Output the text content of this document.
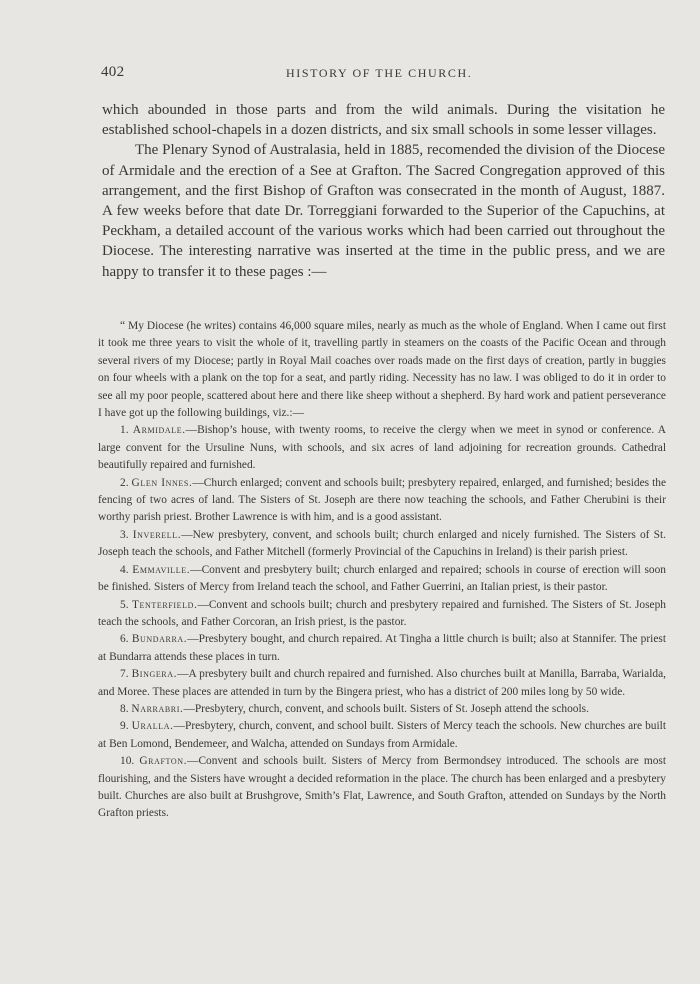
402	HISTORY OF THE CHURCH.

which abounded in those parts and from the wild animals. During the visitation he established school-chapels in a dozen districts, and six small schools in some lesser villages.

The Plenary Synod of Australasia, held in 1885, recomended the division of the Diocese of Armidale and the erection of a See at Grafton. The Sacred Congregation approved of this arrangement, and the first Bishop of Grafton was consecrated in the month of August, 1887. A few weeks before that date Dr. Torreggiani forwarded to the Superior of the Capuchins, at Peckham, a detailed account of the various works which had been carried out throughout the Diocese. The interesting narrative was inserted at the time in the public press, and we are happy to transfer it to these pages :—

“ My Diocese (he writes) contains 46,000 square miles, nearly as much as the whole of England. When I came out first it took me three years to visit the whole of it, travelling partly in steamers on the coasts of the Pacific Ocean and through several rivers of my Diocese; partly in Royal Mail coaches over roads made on the first days of creation, partly in buggies on four wheels with a plank on the top for a seat, and partly riding. Necessity has no law. I was obliged to do it in order to see all my poor people, scattered about here and there like sheep without a shepherd. By hard work and patient perseverance I have got up the following buildings, viz.:—

1. Armidale.—Bishop’s house, with twenty rooms, to receive the clergy when we meet in synod or conference. A large convent for the Ursuline Nuns, with schools, and six acres of land adjoining for recreation grounds. Cathedral beautifully repaired and furnished.

2. Glen Innes.—Church enlarged; convent and schools built; presbytery repaired, enlarged, and furnished; besides the fencing of two acres of land. The Sisters of St. Joseph are there now teaching the schools, and Father Cherubini is their worthy parish priest. Brother Lawrence is with him, and is a good assistant.

3. Inverell.—New presbytery, convent, and schools built; church enlarged and nicely furnished. The Sisters of St. Joseph teach the schools, and Father Mitchell (formerly Provincial of the Capuchins in Ireland) is their parish priest.

4. Emmaville.—Convent and presbytery built; church enlarged and repaired; schools in course of erection will soon be finished. Sisters of Mercy from Ireland teach the school, and Father Guerrini, an Italian priest, is their pastor.

5. Tenterfield.—Convent and schools built; church and presbytery repaired and furnished. The Sisters of St. Joseph teach the schools, and Father Corcoran, an Irish priest, is the pastor.

6. Bundarra.—Presbytery bought, and church repaired. At Tingha a little church is built; also at Stannifer. The priest at Bundarra attends these places in turn.

7. Bingera.—A presbytery built and church repaired and furnished. Also churches built at Manilla, Barraba, Warialda, and Moree. These places are attended in turn by the Bingera priest, who has a district of 200 miles long by 50 wide.

8. Narrabri.—Presbytery, church, convent, and schools built. Sisters of St. Joseph attend the schools.

9. Uralla.—Presbytery, church, convent, and school built. Sisters of Mercy teach the schools. New churches are built at Ben Lomond, Bendemeer, and Walcha, attended on Sundays from Armidale.

10. Grafton.—Convent and schools built. Sisters of Mercy from Bermondsey introduced. The schools are most flourishing, and the Sisters have wrought a decided reformation in the place. The church has been enlarged and a presbytery built. Churches are also built at Brushgrove, Smith’s Flat, Lawrence, and South Grafton, attended on Sundays by the North Grafton priests.
